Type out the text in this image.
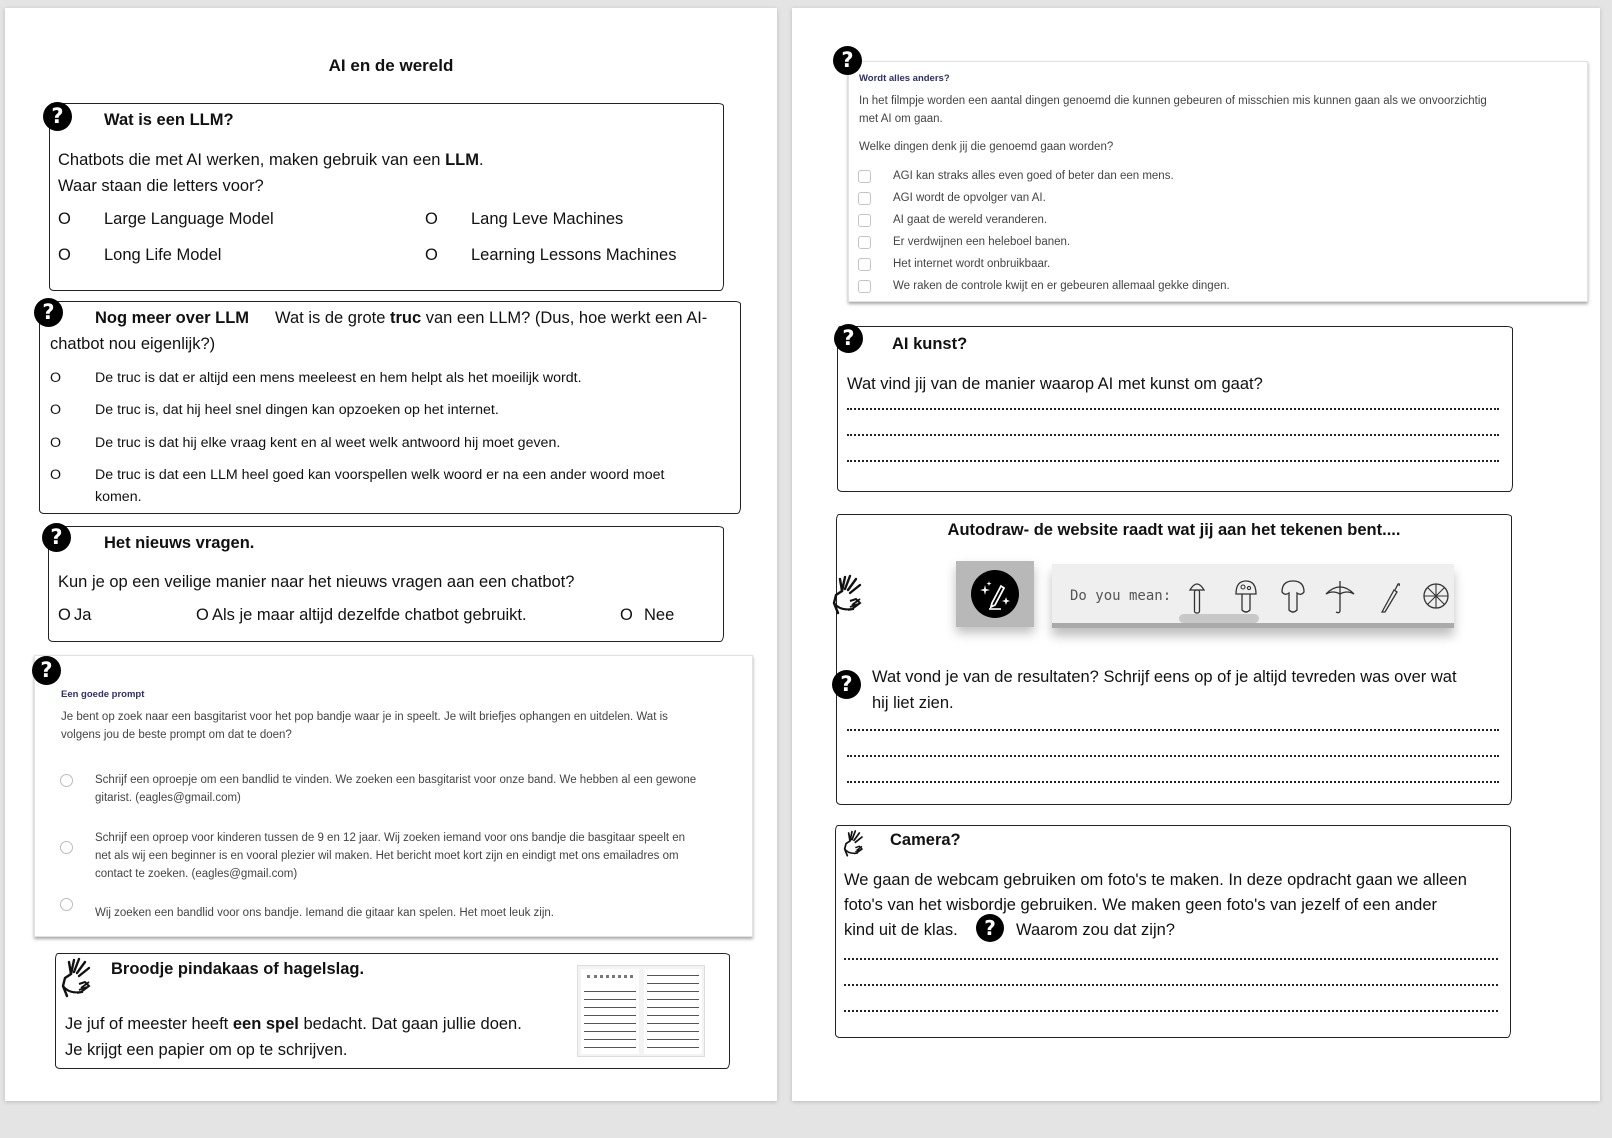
AI en de wereld
?	Wat is een LLM?
Chatbots die met AI werken, maken gebruik van een LLM.
Waar staan die letters voor?
O	Large Language Model	O	Lang Leve Machines
O	Long Life Model	O	Learning Lessons Machines
?	Nog meer over LLM Wat is de grote truc van een LLM? (Dus, hoe werkt een AI-
chatbot nou eigenlijk?)
O	De truc is dat er altijd een mens meeleest en hem helpt als het moeilijk wordt.
O	De truc is, dat hij heel snel dingen kan opzoeken op het internet.
O	De truc is dat hij elke vraag kent en al weet welk antwoord hij moet geven.
O	De truc is dat een LLM heel goed kan voorspellen welk woord er na een ander woord moet
komen.
?	Het nieuws vragen.
Kun je op een veilige manier naar het nieuws vragen aan een chatbot?
O Ja	O Als je maar altijd dezelfde chatbot gebruikt.	O Nee
?
Een goede prompt
Je bent op zoek naar een basgitarist voor het pop bandje waar je in speelt. Je wilt briefjes ophangen en uitdelen. Wat is
volgens jou de beste prompt om dat te doen?
Schrijf een oproepje om een bandlid te vinden. We zoeken een basgitarist voor onze band. We hebben al een gewone
gitarist. (eagles@gmail.com)
Schrijf een oproep voor kinderen tussen de 9 en 12 jaar. Wij zoeken iemand voor ons bandje die basgitaar speelt en
net als wij een beginner is en vooral plezier wil maken. Het bericht moet kort zijn en eindigt met ons emailadres om
contact te zoeken. (eagles@gmail.com)
Wij zoeken een bandlid voor ons bandje. Iemand die gitaar kan spelen. Het moet leuk zijn.
Broodje pindakaas of hagelslag.
Je juf of meester heeft een spel bedacht. Dat gaan jullie doen.
Je krijgt een papier om op te schrijven.
?
Wordt alles anders?
In het filmpje worden een aantal dingen genoemd die kunnen gebeuren of misschien mis kunnen gaan als we onvoorzichtig
met AI om gaan.
Welke dingen denk jij die genoemd gaan worden?
AGI kan straks alles even goed of beter dan een mens.
AGI wordt de opvolger van AI.
AI gaat de wereld veranderen.
Er verdwijnen een heleboel banen.
Het internet wordt onbruikbaar.
We raken de controle kwijt en er gebeuren allemaal gekke dingen.
?	AI kunst?
Wat vind jij van de manier waarop AI met kunst om gaat?
Autodraw- de website raadt wat jij aan het tekenen bent....
Do you mean:
?	Wat vond je van de resultaten? Schrijf eens op of je altijd tevreden was over wat
hij liet zien.
Camera?
We gaan de webcam gebruiken om foto's te maken. In deze opdracht gaan we alleen
foto's van het wisbordje gebruiken. We maken geen foto's van jezelf of een ander
kind uit de klas.	?	Waarom zou dat zijn?
